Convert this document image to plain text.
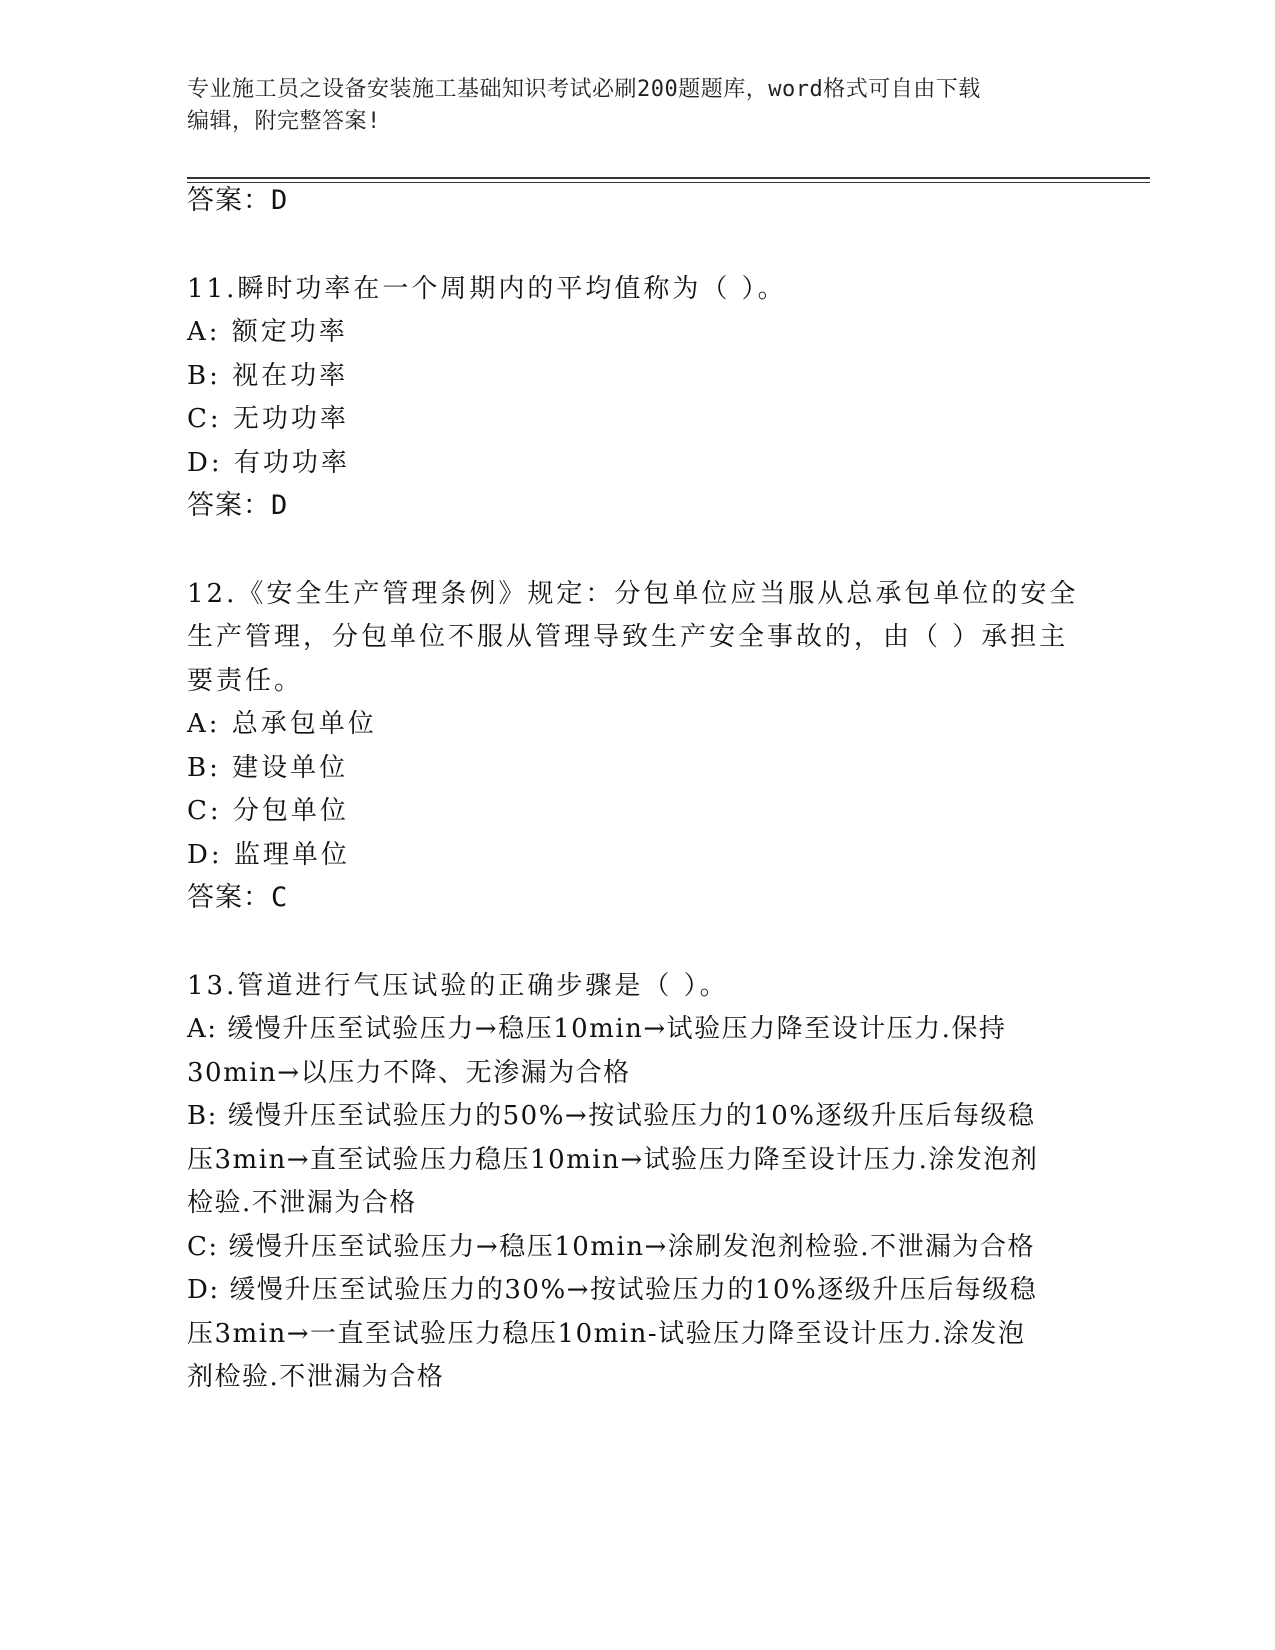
专业施工员之设备安装施工基础知识考试必刷200题题库，word格式可自由下载
编辑，附完整答案!
答案：D
11.瞬时功率在一个周期内的平均值称为（ ）。
A: 额定功率
B: 视在功率
C: 无功功率
D: 有功功率
答案：D
12.《安全生产管理条例》规定：分包单位应当服从总承包单位的安全
生产管理，分包单位不服从管理导致生产安全事故的，由（ ）承担主
要责任。
A: 总承包单位
B: 建设单位
C: 分包单位
D: 监理单位
答案：C
13.管道进行气压试验的正确步骤是（ ）。
A: 缓慢升压至试验压力→稳压10min→试验压力降至设计压力.保持
30min→以压力不降、无渗漏为合格
B: 缓慢升压至试验压力的50%→按试验压力的10%逐级升压后每级稳
压3min→直至试验压力稳压10min→试验压力降至设计压力.涂发泡剂
检验.不泄漏为合格
C: 缓慢升压至试验压力→稳压10min→涂刷发泡剂检验.不泄漏为合格
D: 缓慢升压至试验压力的30%→按试验压力的10%逐级升压后每级稳
压3min→一直至试验压力稳压10min-试验压力降至设计压力.涂发泡
剂检验.不泄漏为合格
